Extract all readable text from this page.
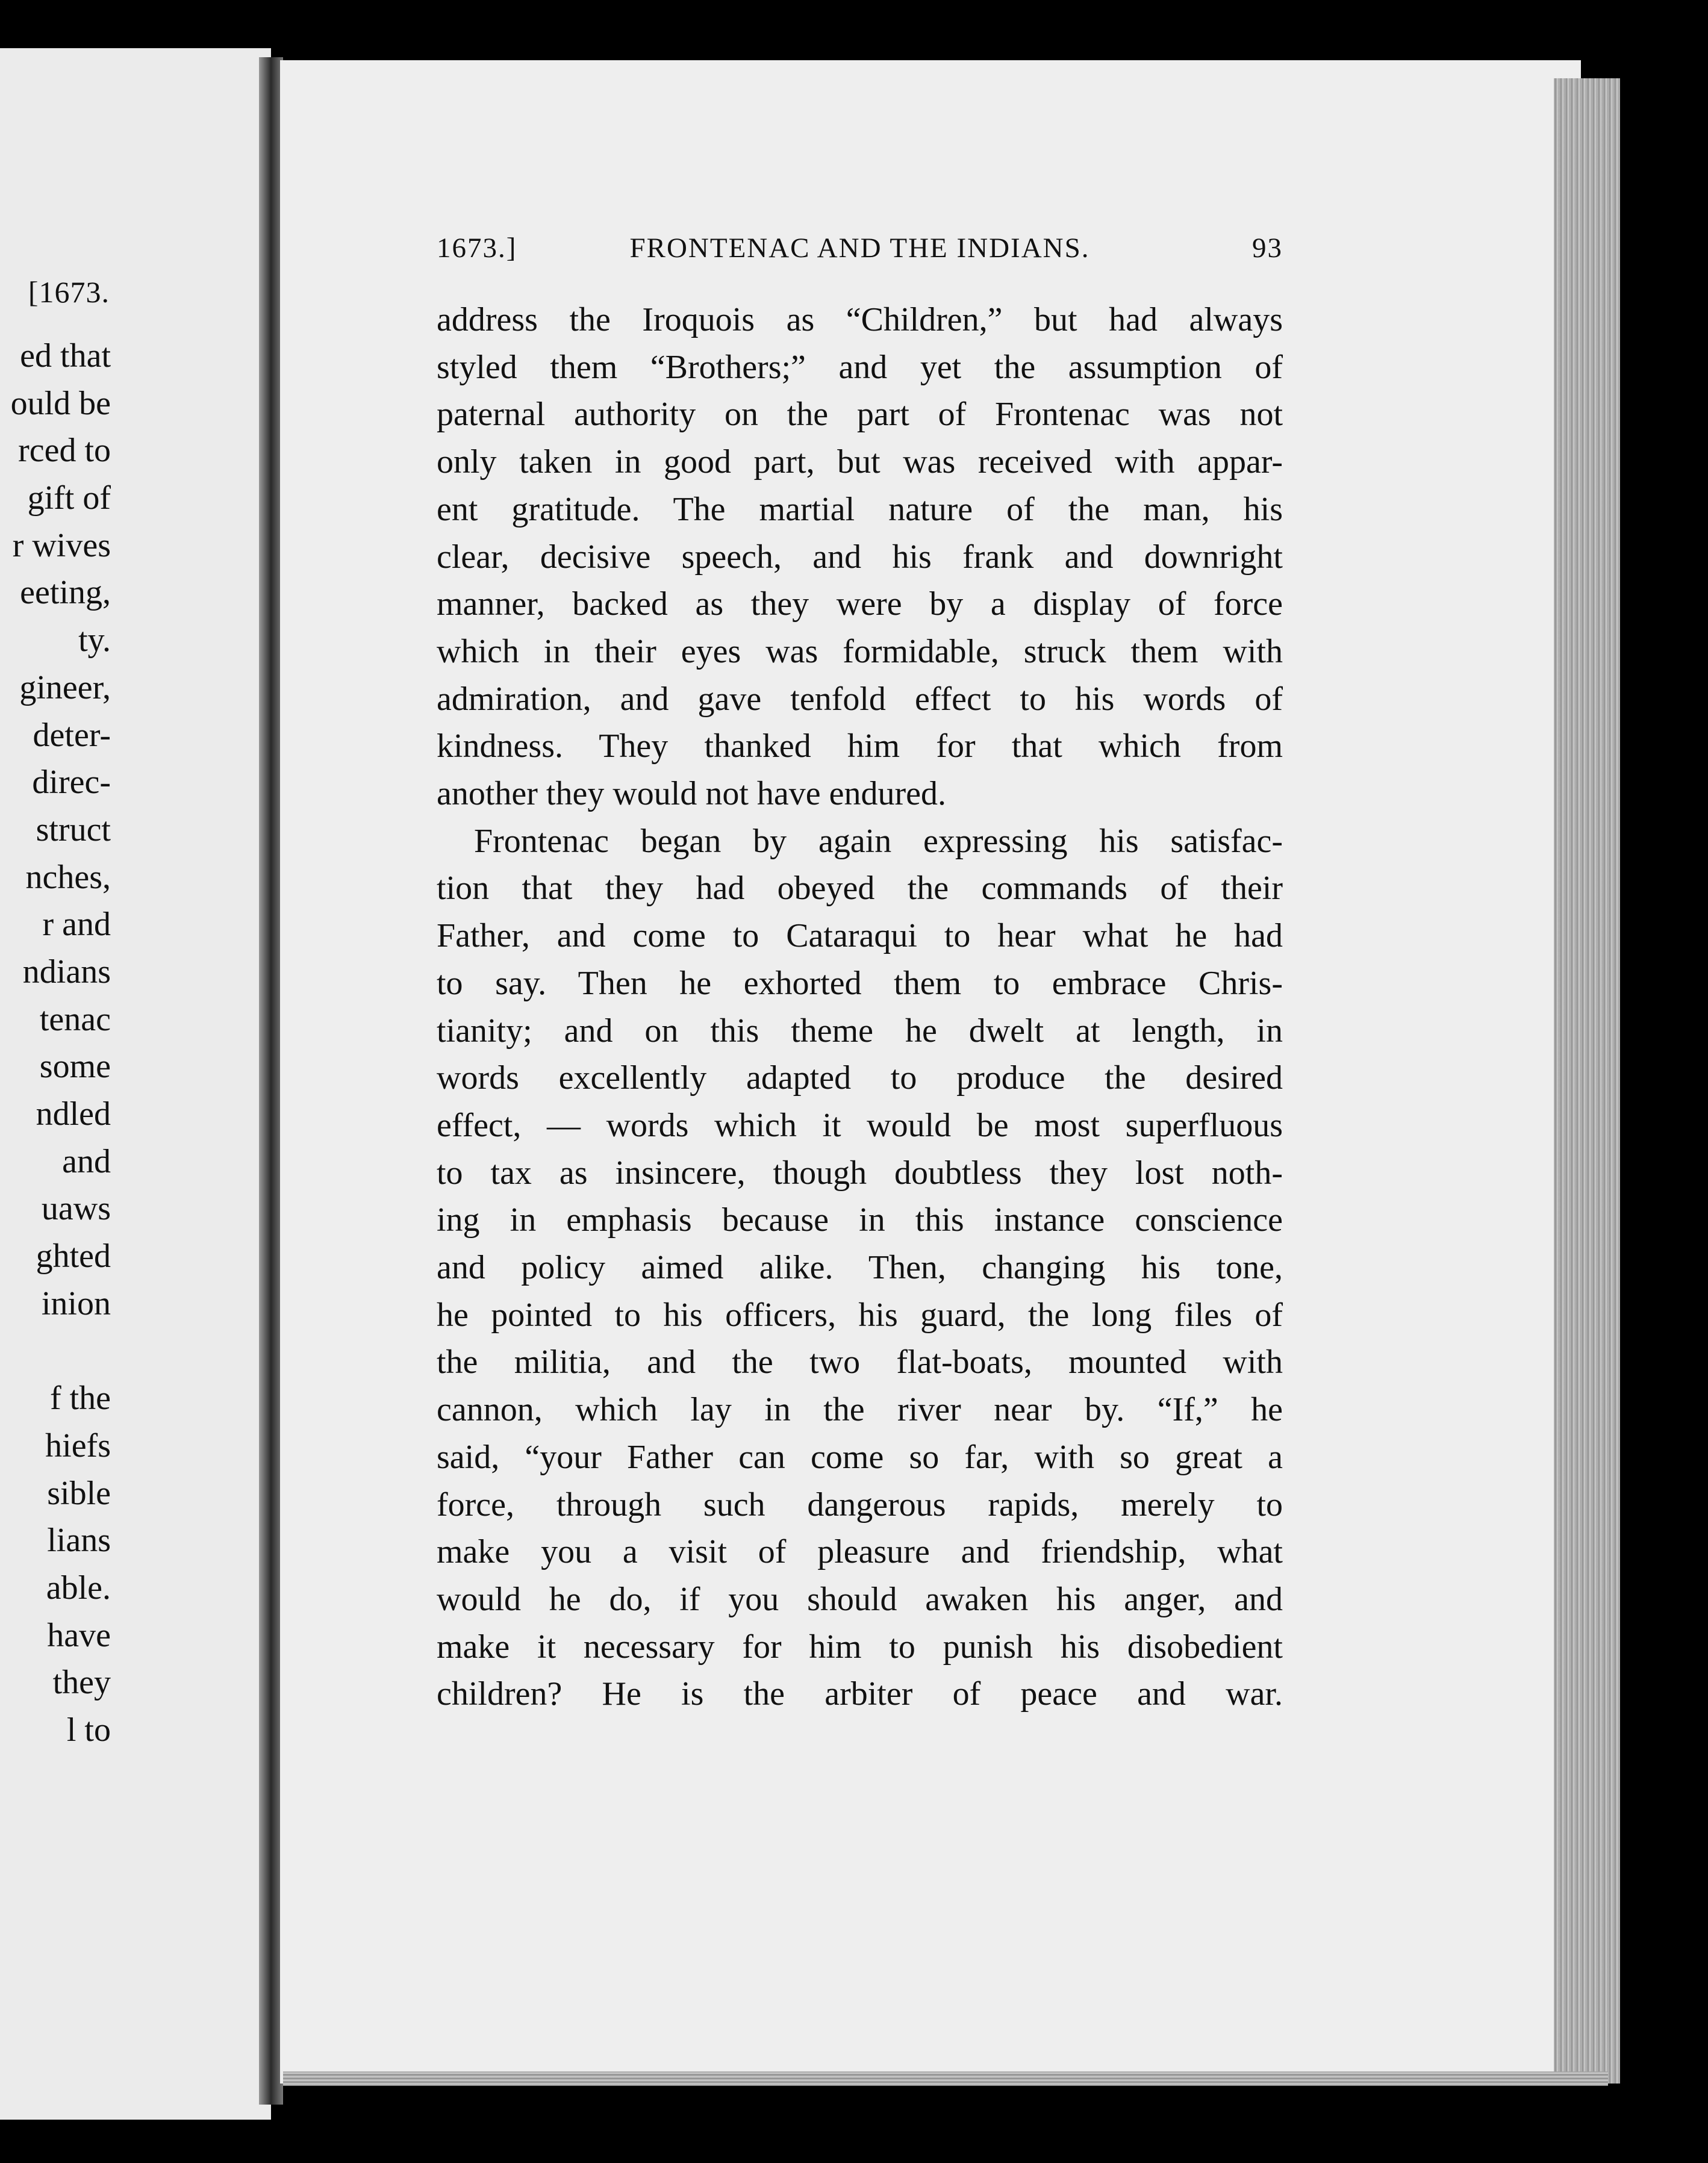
[1673.
ed that
ould be
rced to
gift of
r wives
eeting,
ty.
gineer,
deter-
direc-
struct
nches,
r and
ndians
tenac
some
ndled
and
uaws
ghted
inion
f the
hiefs
sible
lians
able.
have
they
l to
1673.]	FRONTENAC AND THE INDIANS.	93
address the Iroquois as “Children,” but had always
styled them “Brothers;” and yet the assumption of
paternal authority on the part of Frontenac was not
only taken in good part, but was received with appar-
ent gratitude. The martial nature of the man, his
clear, decisive speech, and his frank and downright
manner, backed as they were by a display of force
which in their eyes was formidable, struck them with
admiration, and gave tenfold effect to his words of
kindness. They thanked him for that which from
another they would not have endured.
Frontenac began by again expressing his satisfac-
tion that they had obeyed the commands of their
Father, and come to Cataraqui to hear what he had
to say. Then he exhorted them to embrace Chris-
tianity; and on this theme he dwelt at length, in
words excellently adapted to produce the desired
effect, — words which it would be most superfluous
to tax as insincere, though doubtless they lost noth-
ing in emphasis because in this instance conscience
and policy aimed alike. Then, changing his tone,
he pointed to his officers, his guard, the long files of
the militia, and the two flat-boats, mounted with
cannon, which lay in the river near by. “If,” he
said, “your Father can come so far, with so great a
force, through such dangerous rapids, merely to
make you a visit of pleasure and friendship, what
would he do, if you should awaken his anger, and
make it necessary for him to punish his disobedient
children? He is the arbiter of peace and war.
